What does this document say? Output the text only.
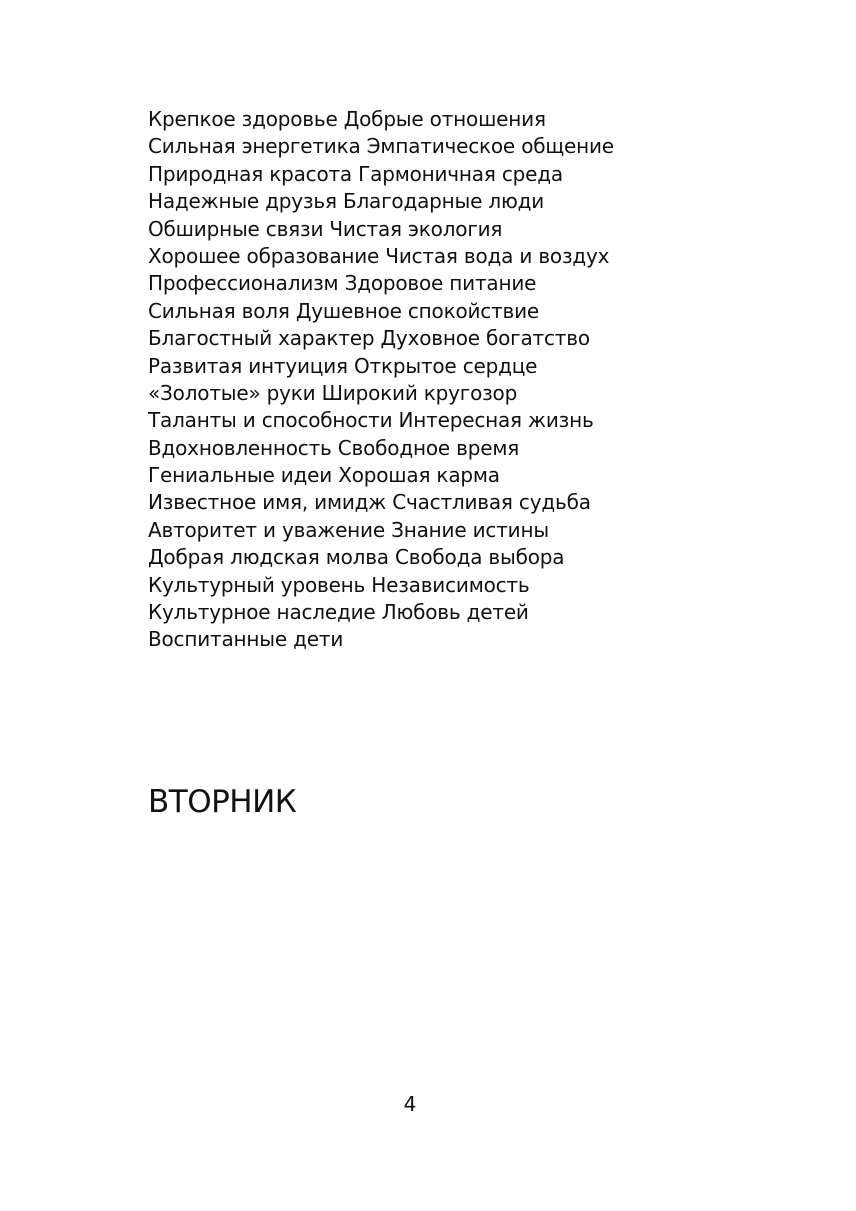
Крепкое здоровье Добрые отношения
Сильная энергетика Эмпатическое общение
Природная красота Гармоничная среда
Надежные друзья Благодарные люди
Обширные связи Чистая экология
Хорошее образование Чистая вода и воздух
Профессионализм Здоровое питание
Сильная воля Душевное спокойствие
Благостный характер Духовное богатство
Развитая интуиция Открытое сердце
«Золотые» руки Широкий кругозор
Таланты и способности Интересная жизнь
Вдохновленность Свободное время
Гениальные идеи Хорошая карма
Известное имя, имидж Счастливая судьба
Авторитет и уважение Знание истины
Добрая людская молва Свобода выбора
Культурный уровень Независимость
Культурное наследие Любовь детей
Воспитанные дети
ВТОРНИК
4
